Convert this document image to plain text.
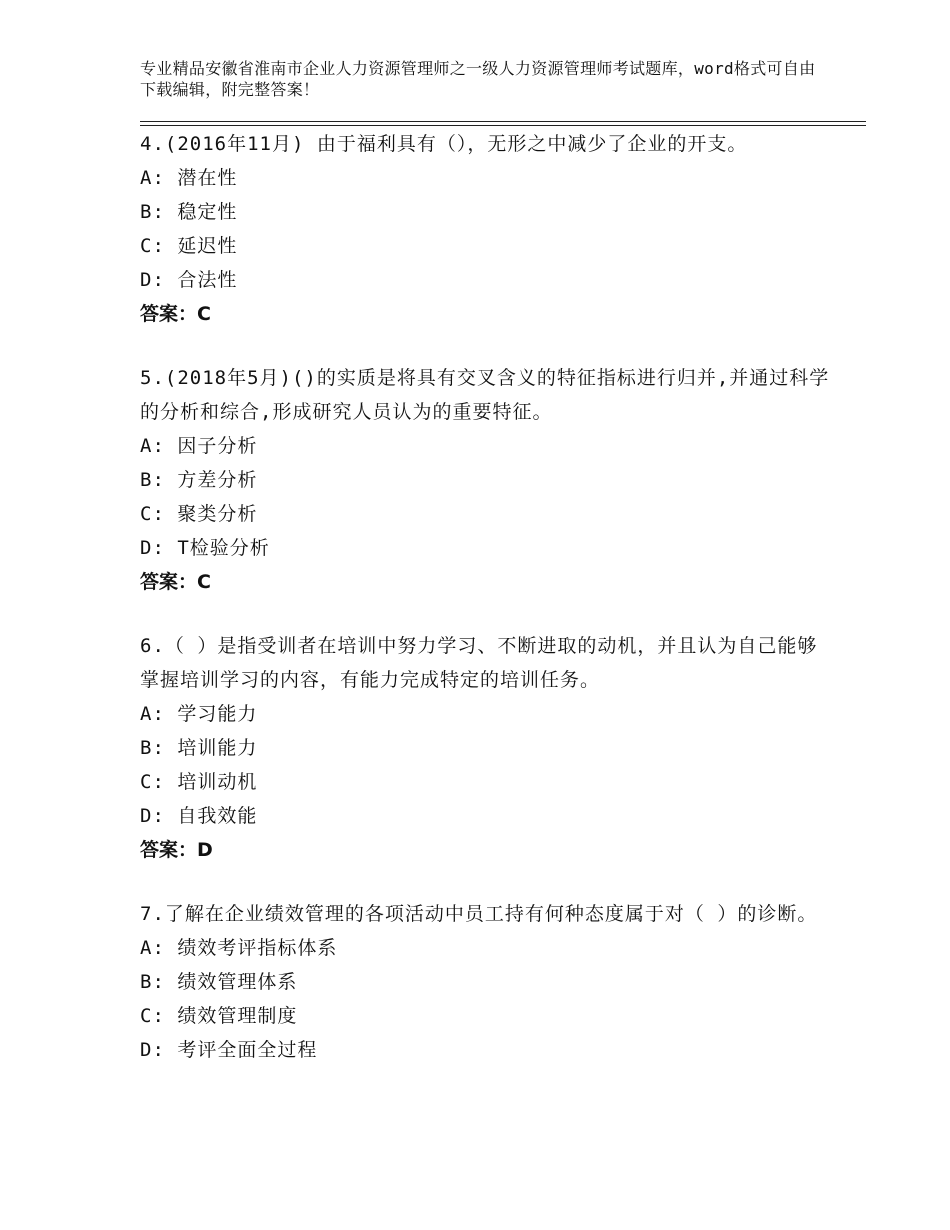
专业精品安徽省淮南市企业人力资源管理师之一级人力资源管理师考试题库，word格式可自由下载编辑，附完整答案！
4.(2016年11月) 由于福利具有（），无形之中减少了企业的开支。
A: 潜在性
B: 稳定性
C: 延迟性
D: 合法性
答案：C
5.(2018年5月)()的实质是将具有交叉含义的特征指标进行归并,并通过科学的分析和综合,形成研究人员认为的重要特征。
A: 因子分析
B: 方差分析
C: 聚类分析
D: T检验分析
答案：C
6.（ ）是指受训者在培训中努力学习、不断进取的动机，并且认为自己能够掌握培训学习的内容，有能力完成特定的培训任务。
A: 学习能力
B: 培训能力
C: 培训动机
D: 自我效能
答案：D
7.了解在企业绩效管理的各项活动中员工持有何种态度属于对（ ）的诊断。
A: 绩效考评指标体系
B: 绩效管理体系
C: 绩效管理制度
D: 考评全面全过程
